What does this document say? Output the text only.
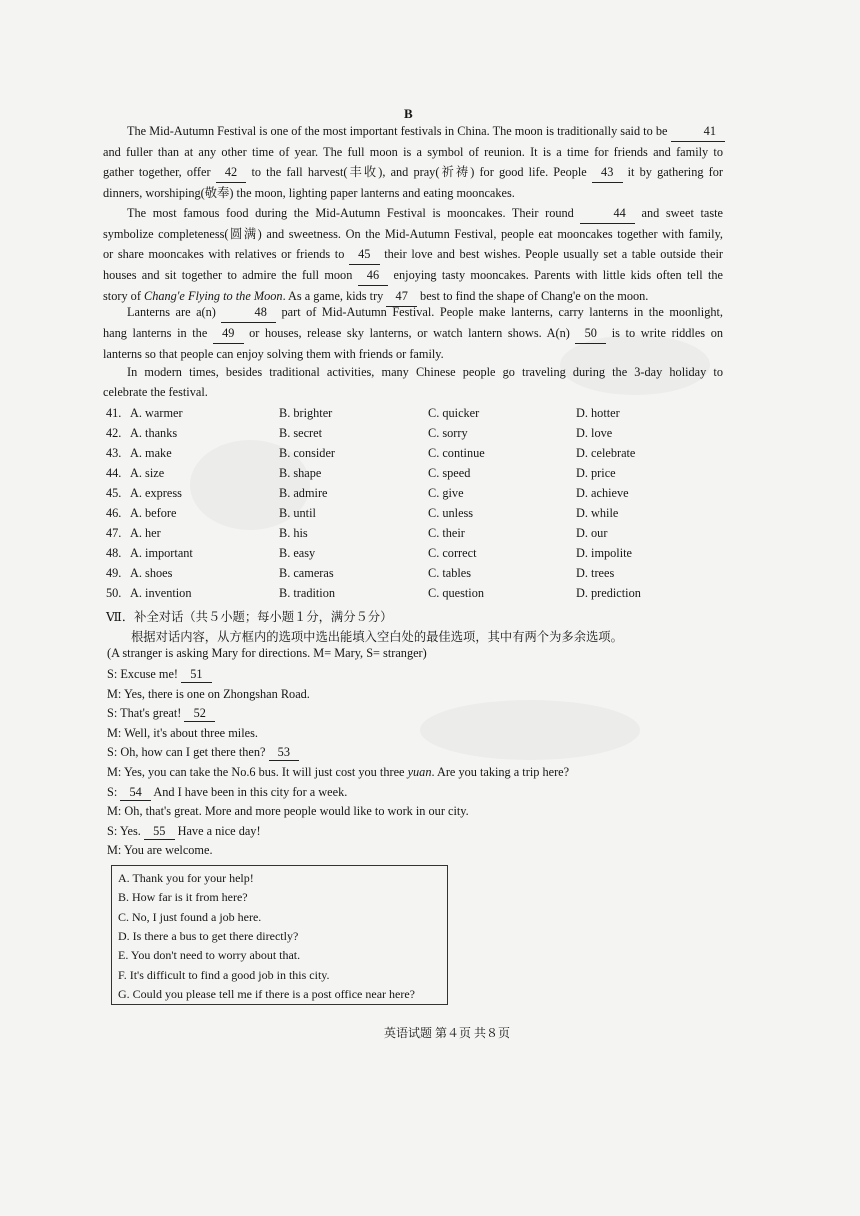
B
The Mid-Autumn Festival is one of the most important festivals in China. The moon is traditionally said to be   41
and fuller than at any other time of year. The full moon is a symbol of reunion. It is a time for friends and family to
gather together, offer   42   to the fall harvest(丰收), and pray(祈祷) for good life. People   43   it by gathering for
dinners, worshiping(敬奉) the moon, lighting paper lanterns and eating mooncakes.
The most famous food during the Mid-Autumn Festival is mooncakes. Their round   44   and sweet taste
symbolize completeness(圆满) and sweetness. On the Mid-Autumn Festival, people eat mooncakes together with family,
or share mooncakes with relatives or friends to   45   their love and best wishes. People usually set a table outside their
houses and sit together to admire the full moon   46   enjoying tasty mooncakes. Parents with little kids often tell the
story of Chang'e Flying to the Moon. As a game, kids try   47   best to find the shape of Chang'e on the moon.
Lanterns are a(n)   48   part of Mid-Autumn Festival. People make lanterns, carry lanterns in the moonlight,
hang lanterns in the   49   or houses, release sky lanterns, or watch lantern shows. A(n)   50   is to write riddles on
lanterns so that people can enjoy solving them with friends or family.
In modern times, besides traditional activities, many Chinese people go traveling during the 3-day holiday to
celebrate the festival.
41. A. warmer	B. brighter	C. quicker	D. hotter
42. A. thanks	B. secret	C. sorry	D. love
43. A. make	B. consider	C. continue	D. celebrate
44. A. size	B. shape	C. speed	D. price
45. A. express	B. admire	C. give	D. achieve
46. A. before	B. until	C. unless	D. while
47. A. her	B. his	C. their	D. our
48. A. important	B. easy	C. correct	D. impolite
49. A. shoes	B. cameras	C. tables	D. trees
50. A. invention	B. tradition	C. question	D. prediction
Ⅶ．补全对话（共５小题；每小题１分，满分５分）
根据对话内容，从方框内的选项中选出能填入空白处的最佳选项，其中有两个为多余选项。
(A stranger is asking Mary for directions. M= Mary, S= stranger)
S: Excuse me!   51
M: Yes, there is one on Zhongshan Road.
S: That's great!   52
M: Well, it's about three miles.
S: Oh, how can I get there then?   53
M: Yes, you can take the No.6 bus. It will just cost you three yuan. Are you taking a trip here?
S:   54   And I have been in this city for a week.
M: Oh, that's great. More and more people would like to work in our city.
S: Yes.   55   Have a nice day!
M: You are welcome.
A. Thank you for your help!
B. How far is it from here?
C. No, I just found a job here.
D. Is there a bus to get there directly?
E. You don't need to worry about that.
F. It's difficult to find a good job in this city.
G. Could you please tell me if there is a post office near here?
英语试题 第４页 共８页
